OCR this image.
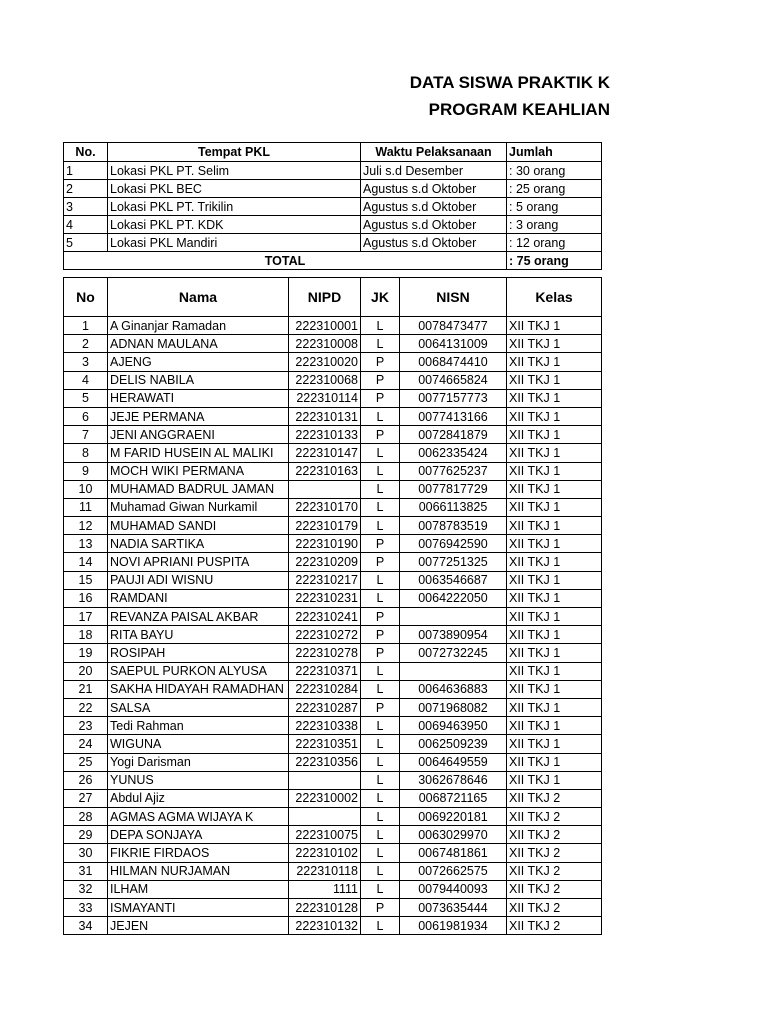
DATA SISWA PRAKTIK K
PROGRAM KEAHLIAN
No.	Tempat PKL	Waktu Pelaksanaan	Jumlah
1	Lokasi PKL PT. Selim	Juli s.d Desember	: 30 orang
2	Lokasi PKL BEC	Agustus s.d Oktober	: 25 orang
3	Lokasi PKL PT. Trikilin	Agustus s.d Oktober	: 5 orang
4	Lokasi PKL PT. KDK	Agustus s.d Oktober	: 3 orang
5	Lokasi PKL Mandiri	Agustus s.d Oktober	: 12 orang
TOTAL			: 75 orang
No	Nama	NIPD	JK	NISN	Kelas
1	A Ginanjar Ramadan	222310001	L	0078473477	XII TKJ 1
2	ADNAN MAULANA	222310008	L	0064131009	XII TKJ 1
3	AJENG	222310020	P	0068474410	XII TKJ 1
4	DELIS NABILA	222310068	P	0074665824	XII TKJ 1
5	HERAWATI	222310114	P	0077157773	XII TKJ 1
6	JEJE PERMANA	222310131	L	0077413166	XII TKJ 1
7	JENI ANGGRAENI	222310133	P	0072841879	XII TKJ 1
8	M FARID HUSEIN AL MALIKI	222310147	L	0062335424	XII TKJ 1
9	MOCH WIKI PERMANA	222310163	L	0077625237	XII TKJ 1
10	MUHAMAD BADRUL JAMAN		L	0077817729	XII TKJ 1
11	Muhamad Giwan Nurkamil	222310170	L	0066113825	XII TKJ 1
12	MUHAMAD SANDI	222310179	L	0078783519	XII TKJ 1
13	NADIA SARTIKA	222310190	P	0076942590	XII TKJ 1
14	NOVI APRIANI PUSPITA	222310209	P	0077251325	XII TKJ 1
15	PAUJI ADI WISNU	222310217	L	0063546687	XII TKJ 1
16	RAMDANI	222310231	L	0064222050	XII TKJ 1
17	REVANZA PAISAL AKBAR	222310241	P		XII TKJ 1
18	RITA BAYU	222310272	P	0073890954	XII TKJ 1
19	ROSIPAH	222310278	P	0072732245	XII TKJ 1
20	SAEPUL PURKON ALYUSA	222310371	L		XII TKJ 1
21	SAKHA HIDAYAH RAMADHAN	222310284	L	0064636883	XII TKJ 1
22	SALSA	222310287	P	0071968082	XII TKJ 1
23	Tedi Rahman	222310338	L	0069463950	XII TKJ 1
24	WIGUNA	222310351	L	0062509239	XII TKJ 1
25	Yogi Darisman	222310356	L	0064649559	XII TKJ 1
26	YUNUS		L	3062678646	XII TKJ 1
27	Abdul Ajiz	222310002	L	0068721165	XII TKJ 2
28	AGMAS AGMA WIJAYA K		L	0069220181	XII TKJ 2
29	DEPA SONJAYA	222310075	L	0063029970	XII TKJ 2
30	FIKRIE FIRDAOS	222310102	L	0067481861	XII TKJ 2
31	HILMAN NURJAMAN	222310118	L	0072662575	XII TKJ 2
32	ILHAM	1111	L	0079440093	XII TKJ 2
33	ISMAYANTI	222310128	P	0073635444	XII TKJ 2
34	JEJEN	222310132	L	0061981934	XII TKJ 2
